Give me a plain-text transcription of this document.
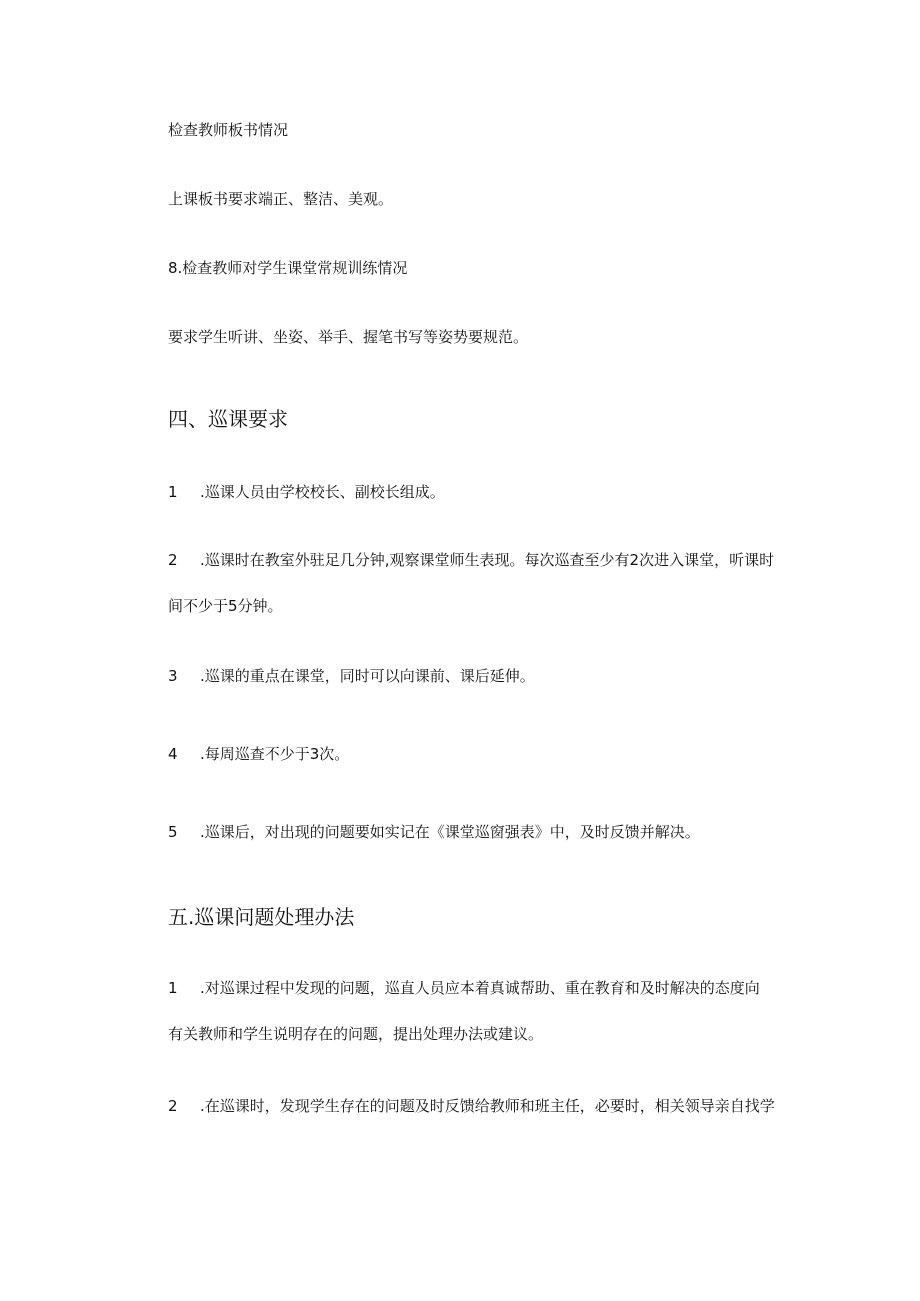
检查教师板书情况

上课板书要求端正、整洁、美观。

8.检查教师对学生课堂常规训练情况

要求学生听讲、坐姿、举手、握笔书写等姿势要规范。

四、巡课要求

1 .巡课人员由学校校长、副校长组成。

2 .巡课时在教室外驻足几分钟,观察课堂师生表现。每次巡查至少有2次进入课堂，听课时

间不少于5分钟。

3 .巡课的重点在课堂，同时可以向课前、课后延伸。

4 .每周巡查不少于3次。

5 .巡课后，对出现的问题要如实记在《课堂巡窗强表》中，及时反馈并解决。

五.巡课问题处理办法

1 .对巡课过程中发现的问题，巡直人员应本着真诚帮助、重在教育和及时解决的态度向

有关教师和学生说明存在的问题，提出处理办法或建议。

2 .在巡课时，发现学生存在的问题及时反馈给教师和班主任，必要时，相关领导亲自找学
